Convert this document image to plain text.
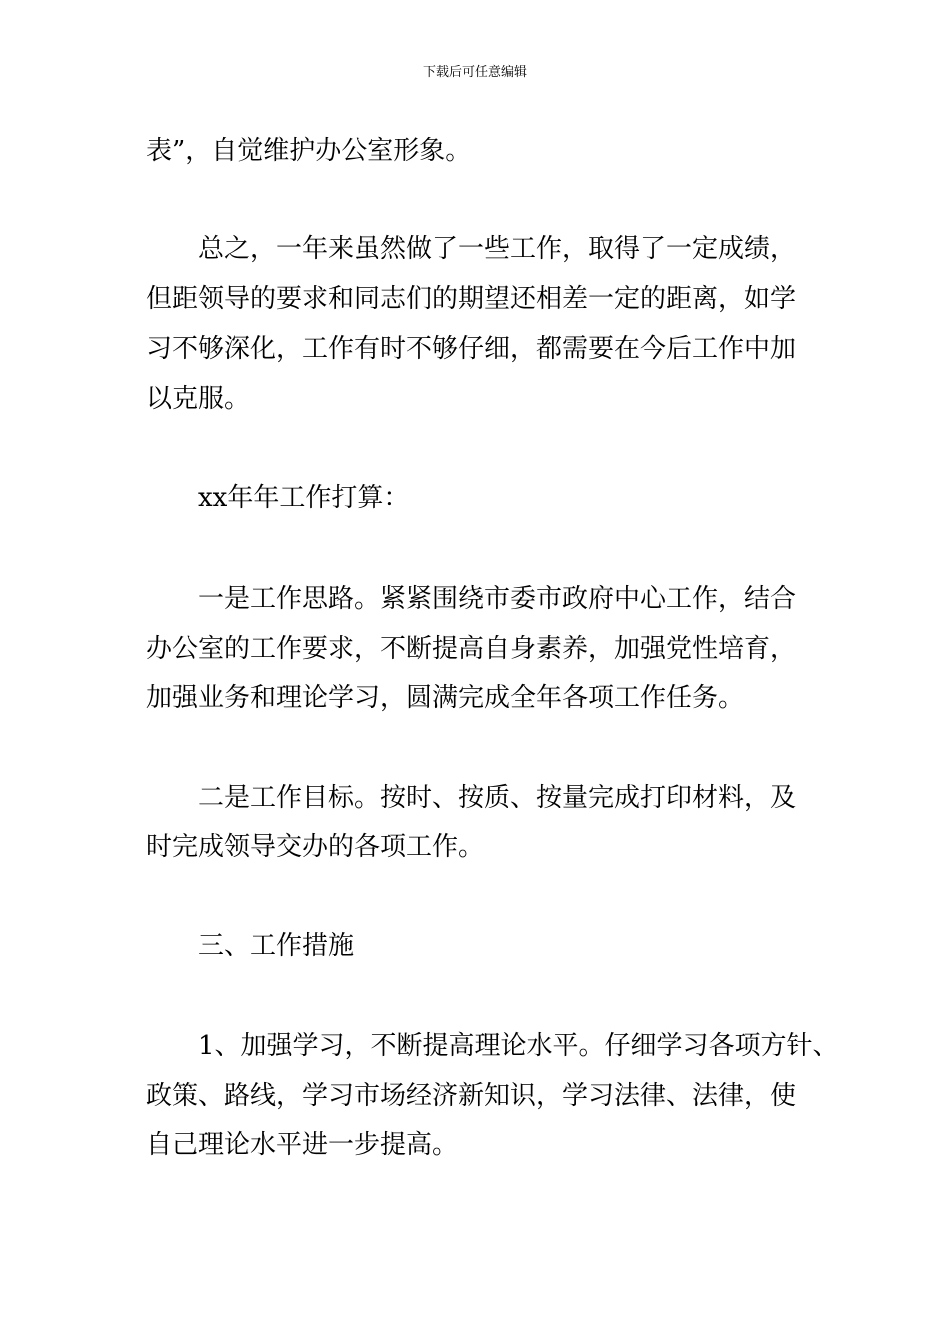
下载后可任意编辑
表”，自觉维护办公室形象。
总之，一年来虽然做了一些工作，取得了一定成绩，
但距领导的要求和同志们的期望还相差一定的距离，如学
习不够深化，工作有时不够仔细，都需要在今后工作中加
以克服。
xx年年工作打算：
一是工作思路。紧紧围绕市委市政府中心工作，结合
办公室的工作要求，不断提高自身素养，加强党性培育，
加强业务和理论学习，圆满完成全年各项工作任务。
二是工作目标。按时、按质、按量完成打印材料，及
时完成领导交办的各项工作。
三、工作措施
1、加强学习，不断提高理论水平。仔细学习各项方针、
政策、路线，学习市场经济新知识，学习法律、法律，使
自己理论水平进一步提高。
